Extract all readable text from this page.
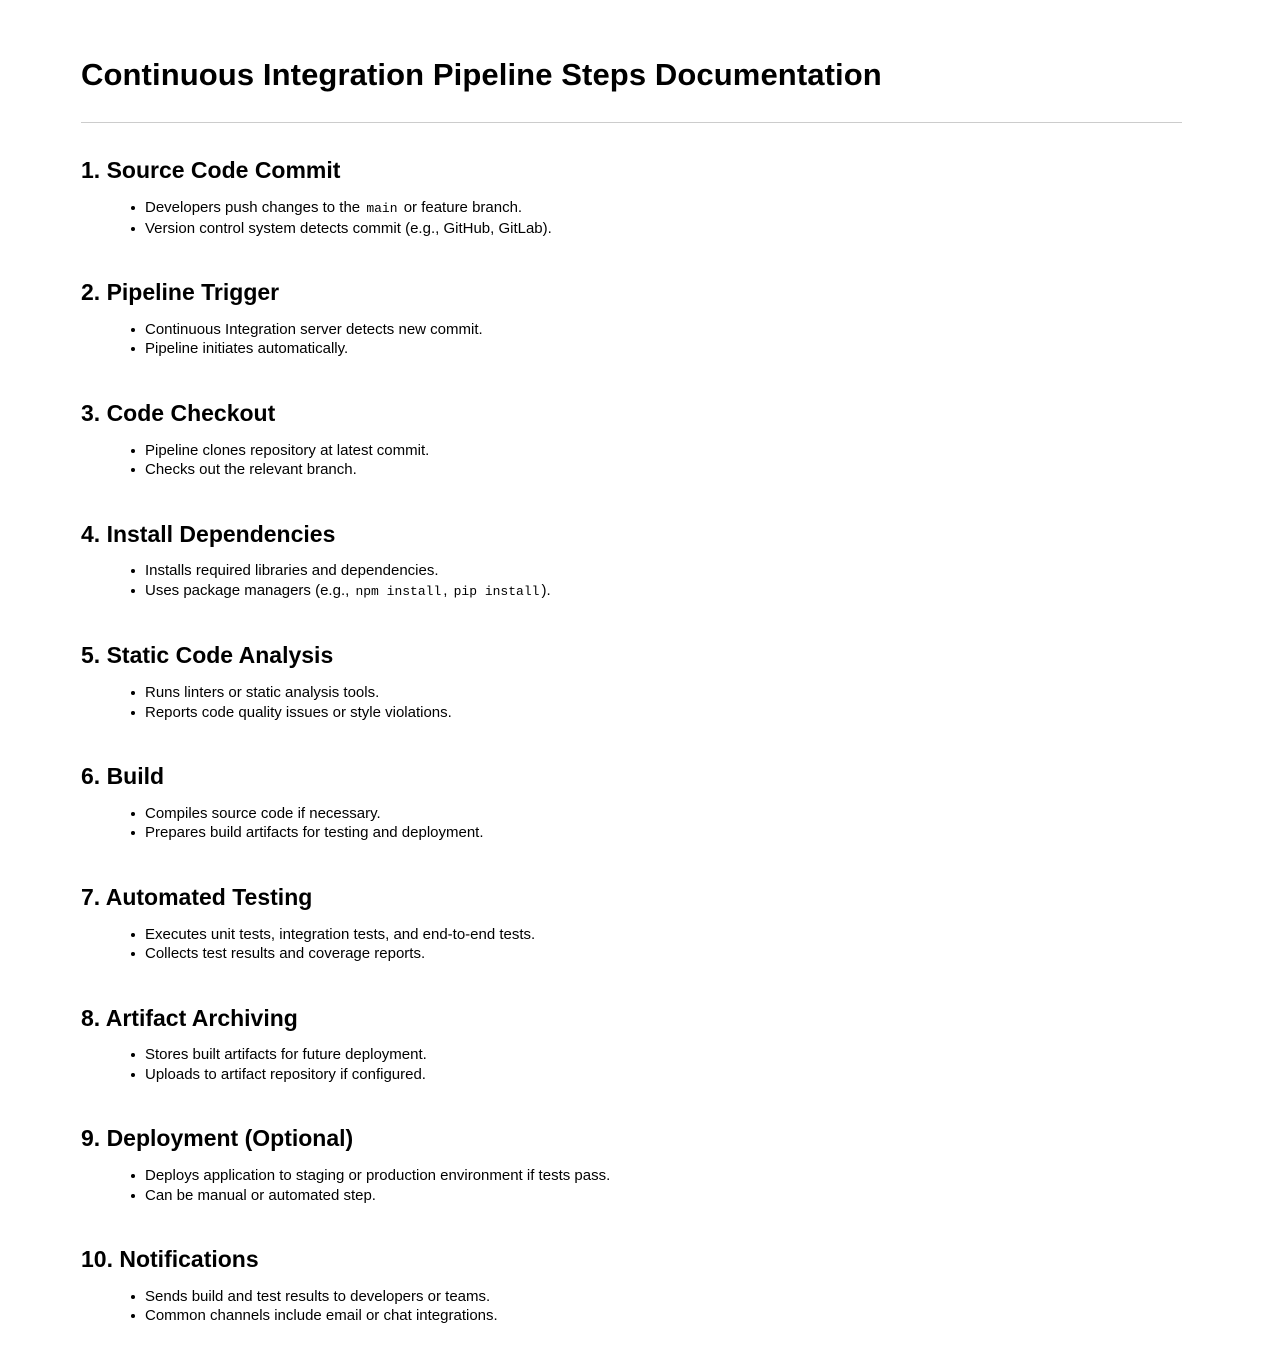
Continuous Integration Pipeline Steps Documentation
1. Source Code Commit
Developers push changes to the main or feature branch.
Version control system detects commit (e.g., GitHub, GitLab).
2. Pipeline Trigger
Continuous Integration server detects new commit.
Pipeline initiates automatically.
3. Code Checkout
Pipeline clones repository at latest commit.
Checks out the relevant branch.
4. Install Dependencies
Installs required libraries and dependencies.
Uses package managers (e.g., npm install , pip install ).
5. Static Code Analysis
Runs linters or static analysis tools.
Reports code quality issues or style violations.
6. Build
Compiles source code if necessary.
Prepares build artifacts for testing and deployment.
7. Automated Testing
Executes unit tests, integration tests, and end-to-end tests.
Collects test results and coverage reports.
8. Artifact Archiving
Stores built artifacts for future deployment.
Uploads to artifact repository if configured.
9. Deployment (Optional)
Deploys application to staging or production environment if tests pass.
Can be manual or automated step.
10. Notifications
Sends build and test results to developers or teams.
Common channels include email or chat integrations.
